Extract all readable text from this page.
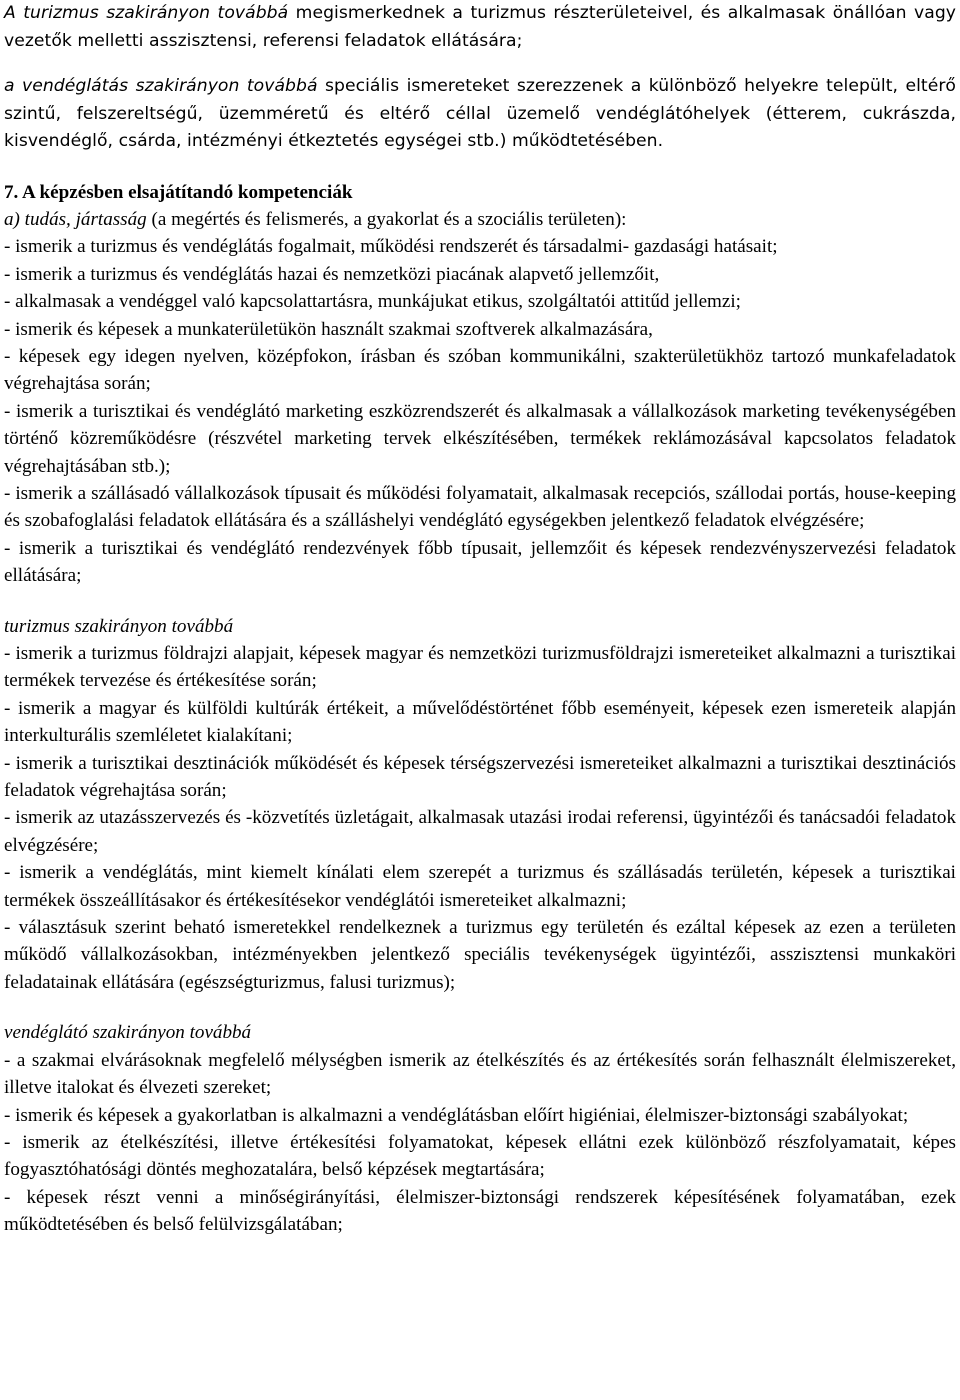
A turizmus szakirányon továbbá megismerkednek a turizmus részterületeivel, és alkalmasak önállóan vagy vezetők melletti asszisztensi, referensi feladatok ellátására;

a vendéglátás szakirányon továbbá speciális ismereteket szerezzenek a különböző helyekre települt, eltérő szintű, felszereltségű, üzemméretű és eltérő céllal üzemelő vendéglátóhelyek (étterem, cukrászda, kisvendéglő, csárda, intézményi étkeztetés egységei stb.) működtetésében.

7. A képzésben elsajátítandó kompetenciák

a) tudás, jártasság (a megértés és felismerés, a gyakorlat és a szociális területen):

- ismerik a turizmus és vendéglátás fogalmait, működési rendszerét és társadalmi- gazdasági hatásait;

- ismerik a turizmus és vendéglátás hazai és nemzetközi piacának alapvető jellemzőit,

- alkalmasak a vendéggel való kapcsolattartásra, munkájukat etikus, szolgáltatói attitűd jellemzi;

- ismerik és képesek a munkaterületükön használt szakmai szoftverek alkalmazására,

- képesek egy idegen nyelven, középfokon, írásban és szóban kommunikálni, szakterületükhöz tartozó munkafeladatok végrehajtása során;

- ismerik a turisztikai és vendéglátó marketing eszközrendszerét és alkalmasak a vállalkozások marketing tevékenységében történő közreműködésre (részvétel marketing tervek elkészítésében, termékek reklámozásával kapcsolatos feladatok végrehajtásában stb.);

- ismerik a szállásadó vállalkozások típusait és működési folyamatait, alkalmasak recepciós, szállodai portás, house-keeping és szobafoglalási feladatok ellátására és a szálláshelyi vendéglátó egységekben jelentkező feladatok elvégzésére;

- ismerik a turisztikai és vendéglátó rendezvények főbb típusait, jellemzőit és képesek rendezvényszervezési feladatok ellátására;

turizmus szakirányon továbbá

- ismerik a turizmus földrajzi alapjait, képesek magyar és nemzetközi turizmusföldrajzi ismereteiket alkalmazni a turisztikai termékek tervezése és értékesítése során;

- ismerik a magyar és külföldi kultúrák értékeit, a művelődéstörténet főbb eseményeit, képesek ezen ismereteik alapján interkulturális szemléletet kialakítani;

- ismerik a turisztikai desztinációk működését és képesek térségszervezési ismereteiket alkalmazni a turisztikai desztinációs feladatok végrehajtása során;

- ismerik az utazásszervezés és -közvetítés üzletágait, alkalmasak utazási irodai referensi, ügyintézői és tanácsadói feladatok elvégzésére;

- ismerik a vendéglátás, mint kiemelt kínálati elem szerepét a turizmus és szállásadás területén, képesek a turisztikai termékek összeállításakor és értékesítésekor vendéglátói ismereteiket alkalmazni;

- választásuk szerint beható ismeretekkel rendelkeznek a turizmus egy területén és ezáltal képesek az ezen a területen működő vállalkozásokban, intézményekben jelentkező speciális tevékenységek ügyintézői, asszisztensi munkaköri feladatainak ellátására (egészségturizmus, falusi turizmus);

vendéglátó szakirányon továbbá

- a szakmai elvárásoknak megfelelő mélységben ismerik az ételkészítés és az értékesítés során felhasznált élelmiszereket, illetve italokat és élvezeti szereket;

- ismerik és képesek a gyakorlatban is alkalmazni a vendéglátásban előírt higiéniai, élelmiszer-biztonsági szabályokat;

- ismerik az ételkészítési, illetve értékesítési folyamatokat, képesek ellátni ezek különböző részfolyamatait, képes fogyasztóhatósági döntés meghozatalára, belső képzések megtartására;

- képesek részt venni a minőségirányítási, élelmiszer-biztonsági rendszerek képesítésének folyamatában, ezek működtetésében és belső felülvizsgálatában;
